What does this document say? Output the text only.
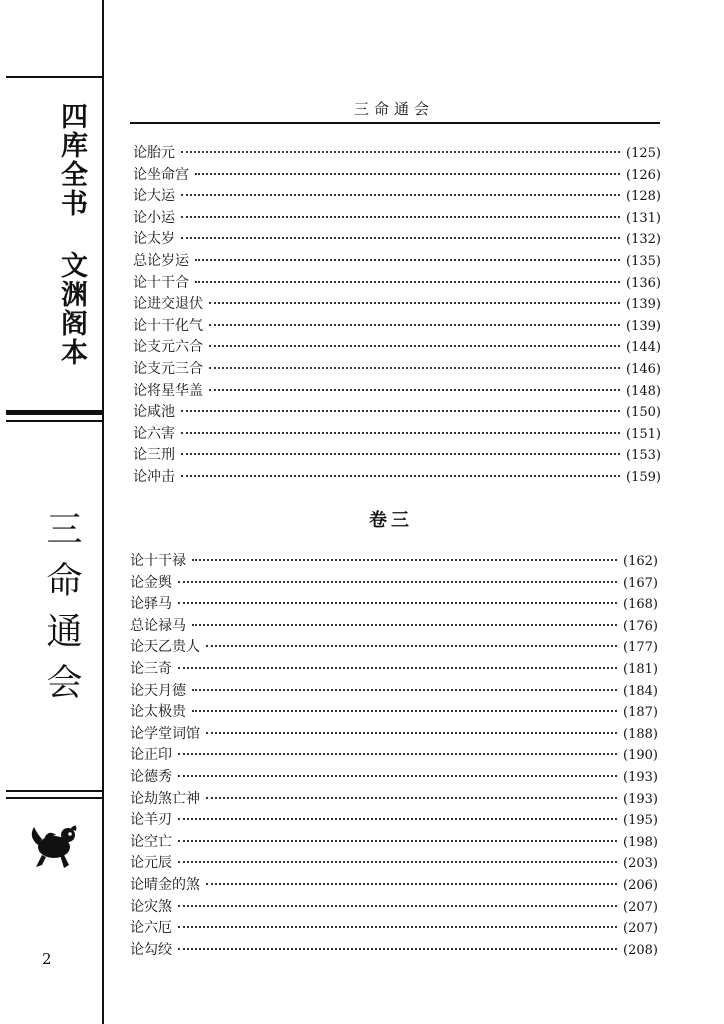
四库全书 文渊阁本
三命通会
2
三命通会
论胎元	(125)
论坐命宫	(126)
论大运	(128)
论小运	(131)
论太岁	(132)
总论岁运	(135)
论十干合	(136)
论进交退伏	(139)
论十干化气	(139)
论支元六合	(144)
论支元三合	(146)
论将星华盖	(148)
论咸池	(150)
论六害	(151)
论三刑	(153)
论冲击	(159)
卷三
论十干禄	(162)
论金舆	(167)
论驿马	(168)
总论禄马	(176)
论天乙贵人	(177)
论三奇	(181)
论天月德	(184)
论太极贵	(187)
论学堂词馆	(188)
论正印	(190)
论德秀	(193)
论劫煞亡神	(193)
论羊刃	(195)
论空亡	(198)
论元辰	(203)
论晴金的煞	(206)
论灾煞	(207)
论六厄	(207)
论勾绞	(208)
